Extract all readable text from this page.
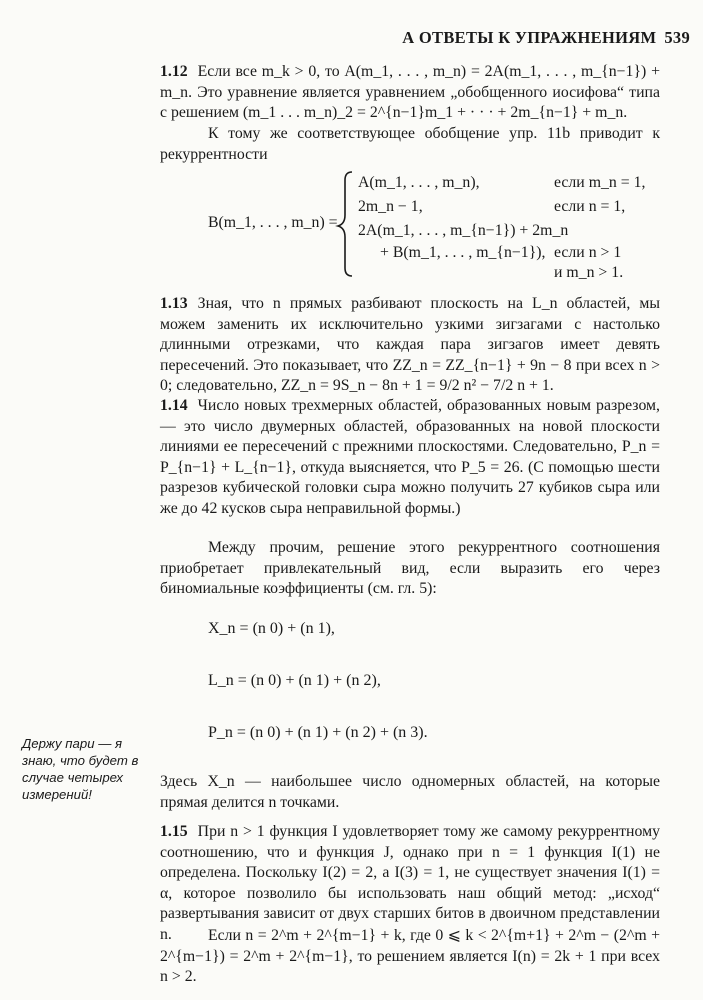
А ОТВЕТЫ К УПРАЖНЕНИЯМ 539
1.12 Если все m_k > 0, то A(m_1, . . . , m_n) = 2A(m_1, . . . , m_{n−1}) + m_n. Это уравнение является уравнением „обобщенного иосифова“ типа с решением (m_1 . . . m_n)_2 = 2^{n−1}m_1 + · · · + 2m_{n−1} + m_n.
К тому же соответствующее обобщение упр. 11b приводит к рекуррентности
B(m_1, . . . , m_n) =
A(m_1, . . . , m_n),	если m_n = 1,
2m_n − 1,	если n = 1,
2A(m_1, . . . , m_{n−1}) + 2m_n
+ B(m_1, . . . , m_{n−1}), если n > 1
и m_n > 1.
1.13 Зная, что n прямых разбивают плоскость на L_n областей, мы можем заменить их исключительно узкими зигзагами с настолько длинными отрезками, что каждая пара зигзагов имеет девять пересечений. Это показывает, что ZZ_n = ZZ_{n−1} + 9n − 8 при всех n > 0; следовательно, ZZ_n = 9S_n − 8n + 1 = 9/2 n² − 7/2 n + 1.
1.14 Число новых трехмерных областей, образованных новым разрезом, — это число двумерных областей, образованных на новой плоскости линиями ее пересечений с прежними плоскостями. Следовательно, P_n = P_{n−1} + L_{n−1}, откуда выясняется, что P_5 = 26. (С помощью шести разрезов кубической головки сыра можно получить 27 кубиков сыра или же до 42 кусков сыра неправильной формы.)
Между прочим, решение этого рекуррентного соотношения приобретает привлекательный вид, если выразить его через биномиальные коэффициенты (см. гл. 5):
X_n = (n 0) + (n 1),
L_n = (n 0) + (n 1) + (n 2),
P_n = (n 0) + (n 1) + (n 2) + (n 3).
Держу пари — я знаю, что будет в случае четырех измерений!
Здесь X_n — наибольшее число одномерных областей, на которые прямая делится n точками.
1.15 При n > 1 функция I удовлетворяет тому же самому рекуррентному соотношению, что и функция J, однако при n = 1 функция I(1) не определена. Поскольку I(2) = 2, а I(3) = 1, не существует значения I(1) = α, которое позволило бы использовать наш общий метод: „исход“ развертывания зависит от двух старших битов в двоичном представлении n.	Если n = 2^m + 2^{m−1} + k, где 0 ⩽ k < 2^{m+1} + 2^m − (2^m + 2^{m−1}) = 2^m + 2^{m−1}, то решением является I(n) = 2k + 1 при всех n > 2.
